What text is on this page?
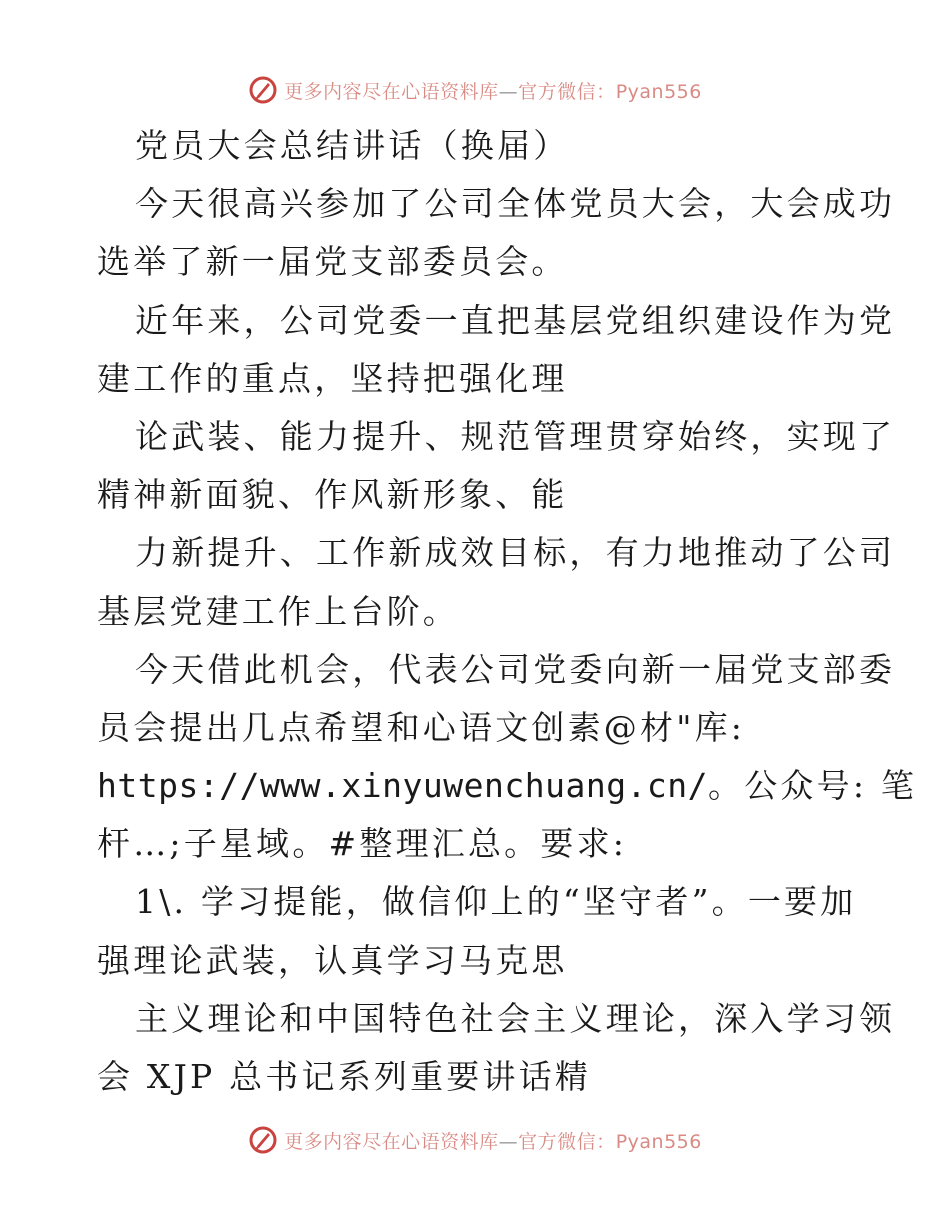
更多内容尽在心语资料库—官方微信：Pyan556
党员大会总结讲话（换届）
今天很高兴参加了公司全体党员大会，大会成功
选举了新一届党支部委员会。
近年来，公司党委一直把基层党组织建设作为党
建工作的重点，坚持把强化理
论武装、能力提升、规范管理贯穿始终，实现了
精神新面貌、作风新形象、能
力新提升、工作新成效目标，有力地推动了公司
基层党建工作上台阶。
今天借此机会，代表公司党委向新一届党支部委
员会提出几点希望和心语文创素@材"库:
https://www.xinyuwenchuang.cn/。公众号: 笔
杆…;子星域。#整理汇总。要求:
1\. 学习提能，做信仰上的“坚守者”。一要加
强理论武装，认真学习马克思
主义理论和中国特色社会主义理论，深入学习领
会 XJP 总书记系列重要讲话精
更多内容尽在心语资料库—官方微信：Pyan556
